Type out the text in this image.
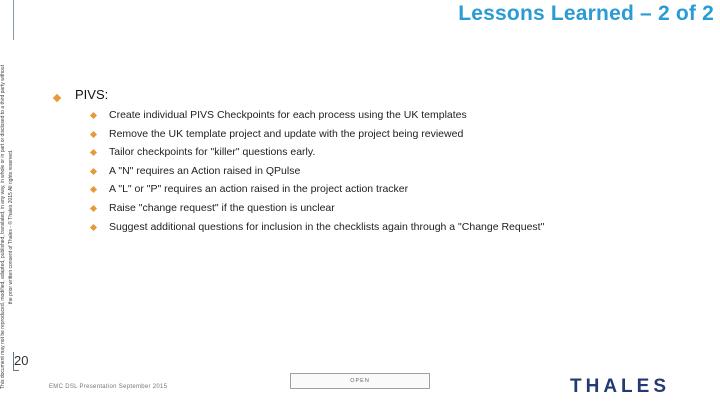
Lessons Learned – 2 of 2
This document may not be reproduced, modified, adapted, published, translated, in any way, in whole or in part or disclosed to a third party without the prior written consent of Thales - © Thales 2015 All rights reserved.
PIVS:
Create individual PIVS Checkpoints for each process using the UK templates
Remove the UK template project and update with the project being reviewed
Tailor checkpoints for "killer" questions early.
A "N" requires an Action raised in QPulse
A "L" or "P" requires an action raised in the project action tracker
Raise "change request" if the question is unclear
Suggest additional questions for inclusion in the checklists again through a "Change Request"
20
EMC DSL Presentation September 2015
OPEN	THALES
